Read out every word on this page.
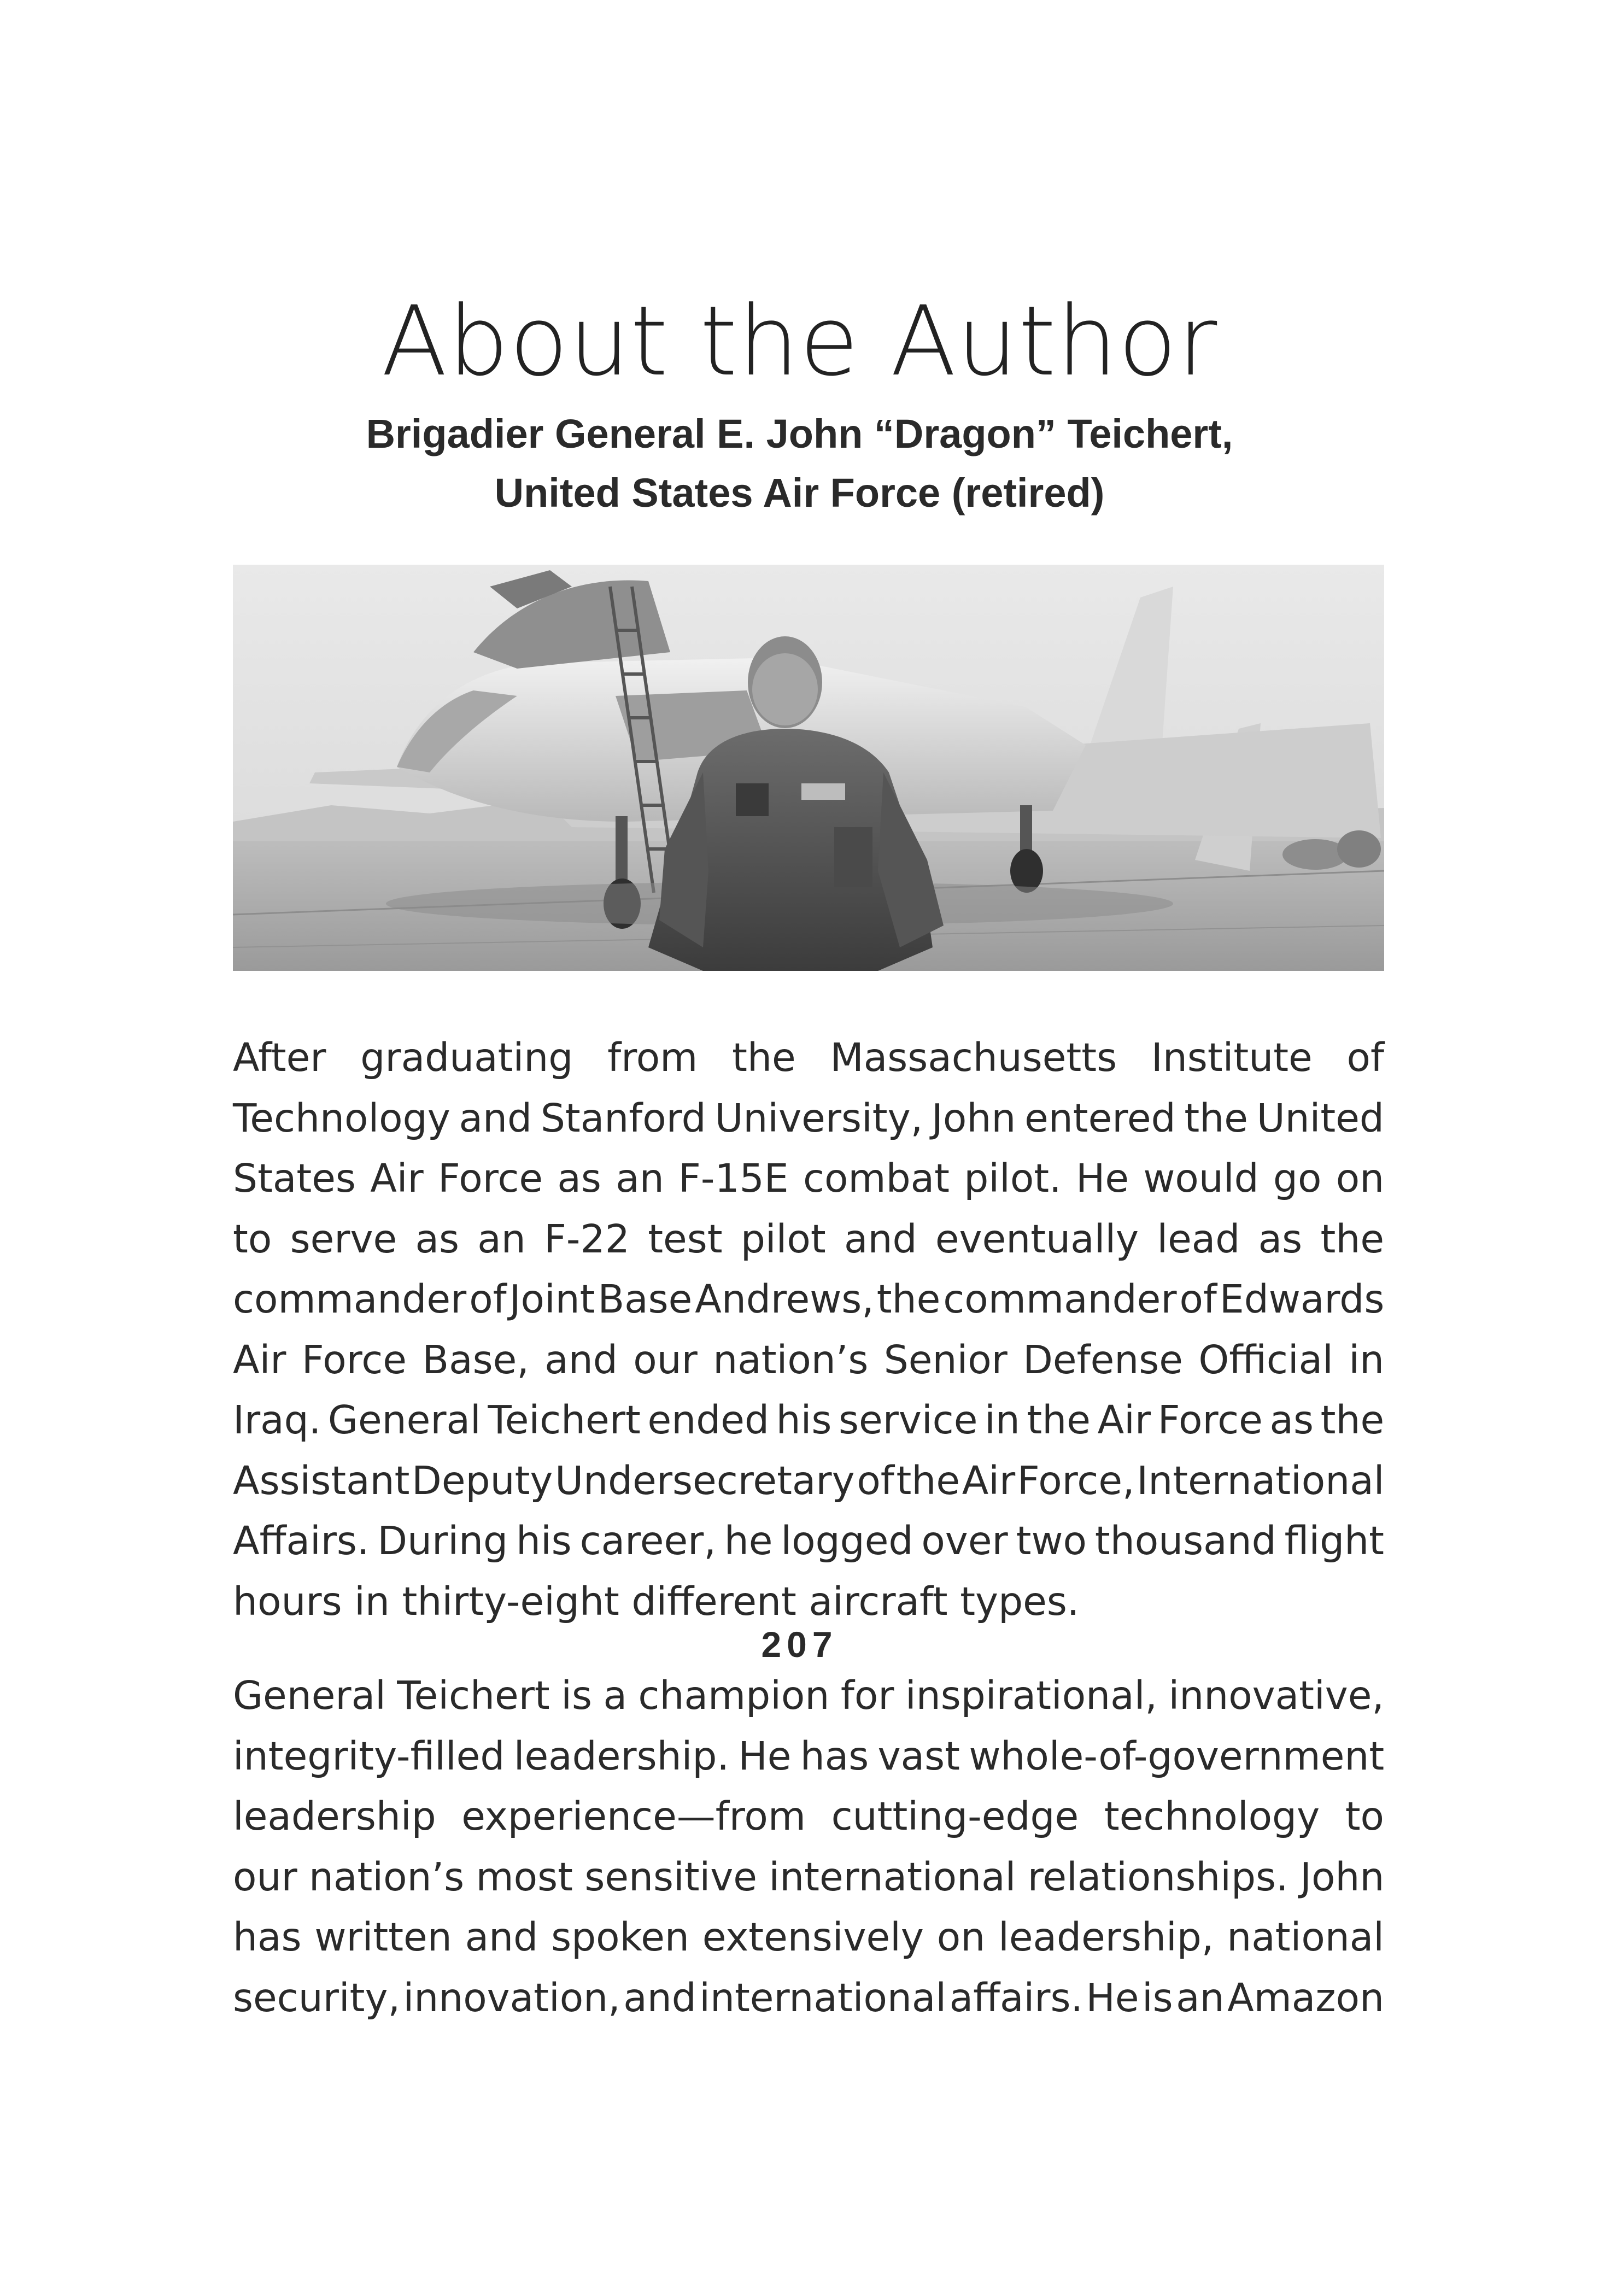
About the Author
Brigadier General E. John “Dragon” Teichert,
United States Air Force (retired)

After graduating from the Massachusetts Institute of
Technology and Stanford University, John entered the United
States Air Force as an F-15E combat pilot. He would go on
to serve as an F-22 test pilot and eventually lead as the
commander of Joint Base Andrews, the commander of Edwards
Air Force Base, and our nation’s Senior Defense Official in
Iraq. General Teichert ended his service in the Air Force as the
Assistant Deputy Undersecretary of the Air Force, International
Affairs. During his career, he logged over two thousand flight
hours in thirty-eight different aircraft types.

General Teichert is a champion for inspirational, innovative,
integrity-filled leadership. He has vast whole-of-government
leadership experience—from cutting-edge technology to
our nation’s most sensitive international relationships. John
has written and spoken extensively on leadership, national
security, innovation, and international affairs. He is an Amazon

207
